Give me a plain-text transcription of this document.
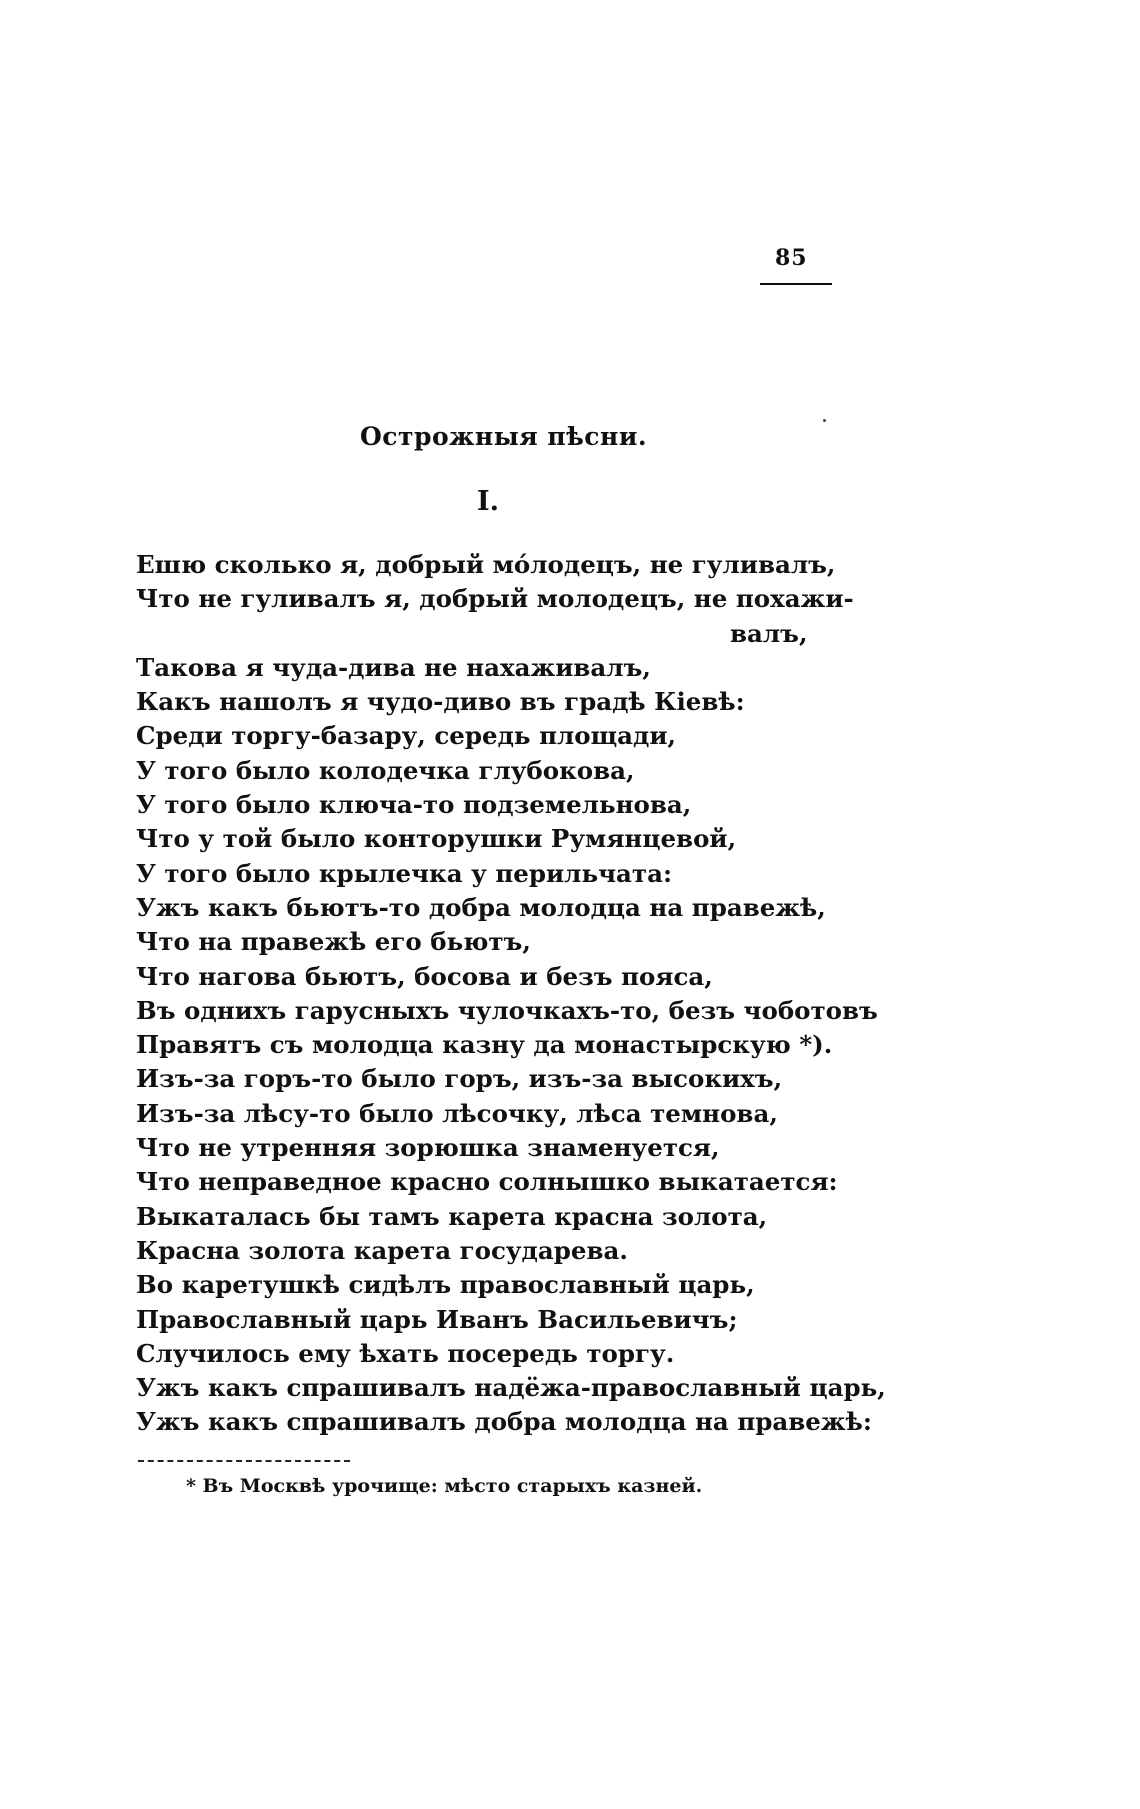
85
Острожныя пѣсни.
I.
Ешю сколько я, добрый мóлодецъ, не гуливалъ,
Что не гуливалъ я, добрый молодецъ, не похажи-
валъ,
Такова я чуда-дива не нахаживалъ,
Какъ нашолъ я чудо-диво въ градѣ Кіевѣ:
Среди торгу-базару, середь площади,
У того было колодечка глубокова,
У того было ключа-то подземельнова,
Что у той было конторушки Румянцевой,
У того было крылечка у перильчата:
Ужъ какъ бьютъ-то добра молодца на правежѣ,
Что на правежѣ его бьютъ,
Что нагова бьютъ, босова и безъ пояса,
Въ однихъ гарусныхъ чулочкахъ-то, безъ чоботовъ
Правятъ съ молодца казну да монастырскую *).
Изъ-за горъ-то было горъ, изъ-за высокихъ,
Изъ-за лѣсу-то было лѣсочку, лѣса темнова,
Что не утренняя зорюшка знаменуется,
Что неправедное красно солнышко выкатается:
Выкаталась бы тамъ карета красна золота,
Красна золота карета государева.
Во каретушкѣ сидѣлъ православный царь,
Православный царь Иванъ Васильевичъ;
Случилось ему ѣхать посередь торгу.
Ужъ какъ спрашивалъ надёжа-православный царь,
Ужъ какъ спрашивалъ добра молодца на правежѣ:
* Въ Москвѣ урочище: мѣсто старыхъ казней.
